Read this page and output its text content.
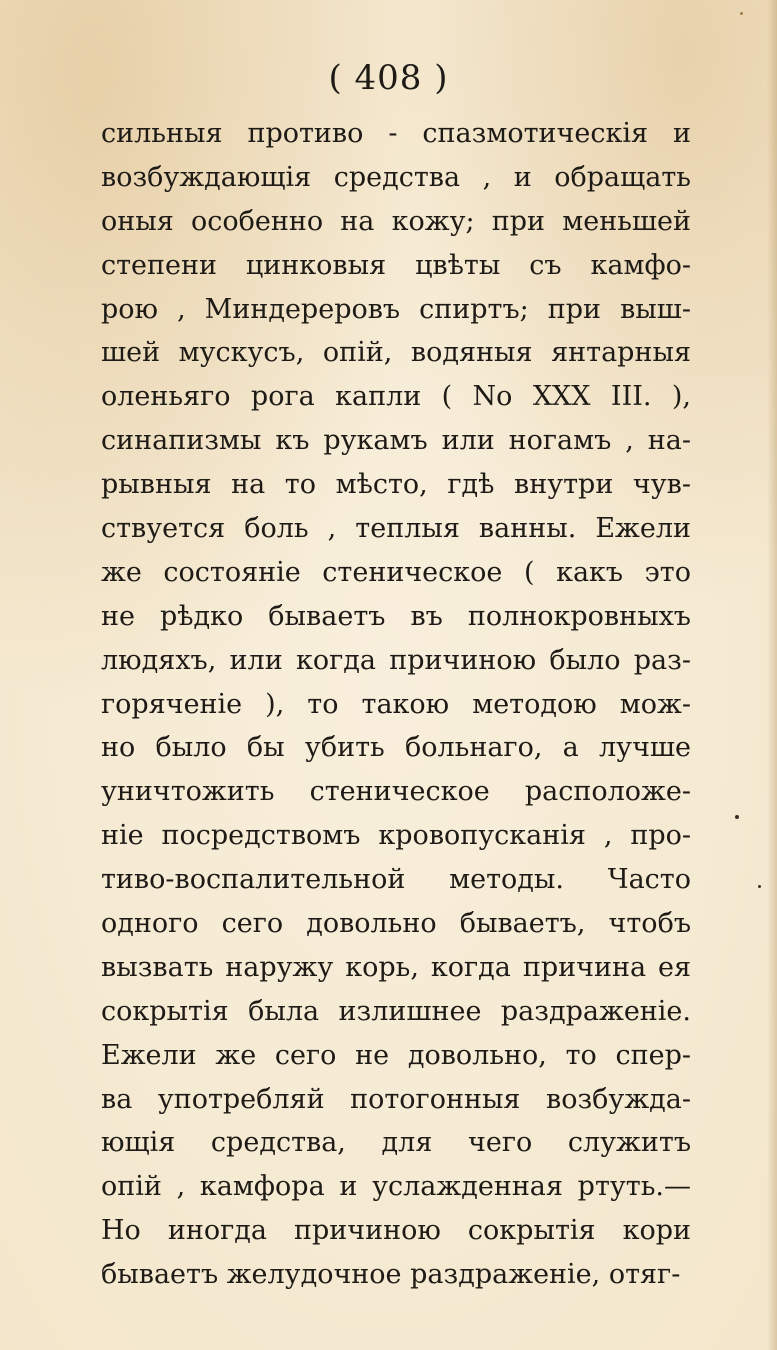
( 408 )
сильныя противо - спазмотическія и
возбуждающія средства , и обращать
оныя особенно на кожу; при меньшей
степени цинковыя цвѣты съ камфо-
рою , Миндереровъ спиртъ; при выш-
шей мускусъ, опій, водяныя янтарныя
оленьяго рога капли ( No XXX III. ),
синапизмы къ рукамъ или ногамъ , на-
рывныя на то мѣсто, гдѣ внутри чув-
ствуется боль , теплыя ванны. Ежели
же состояніе стеническое ( какъ это
не рѣдко бываетъ въ полнокровныхъ
людяхъ, или когда причиною было раз-
горяченіе ), то такою методою мож-
но было бы убить больнаго, а лучше
уничтожить стеническое расположе-
ніе посредствомъ кровопусканія , про-
тиво-воспалительной методы. Часто
одного сего довольно бываетъ, чтобъ
вызвать наружу корь, когда причина ея
сокрытія была излишнее раздраженіе.
Ежели же сего не довольно, то спер-
ва употребляй потогонныя возбужда-
ющія средства, для чего служитъ
опій , камфора и услажденная ртуть.—
Но иногда причиною сокрытія кори
бываетъ желудочное раздраженіе, отяг-
